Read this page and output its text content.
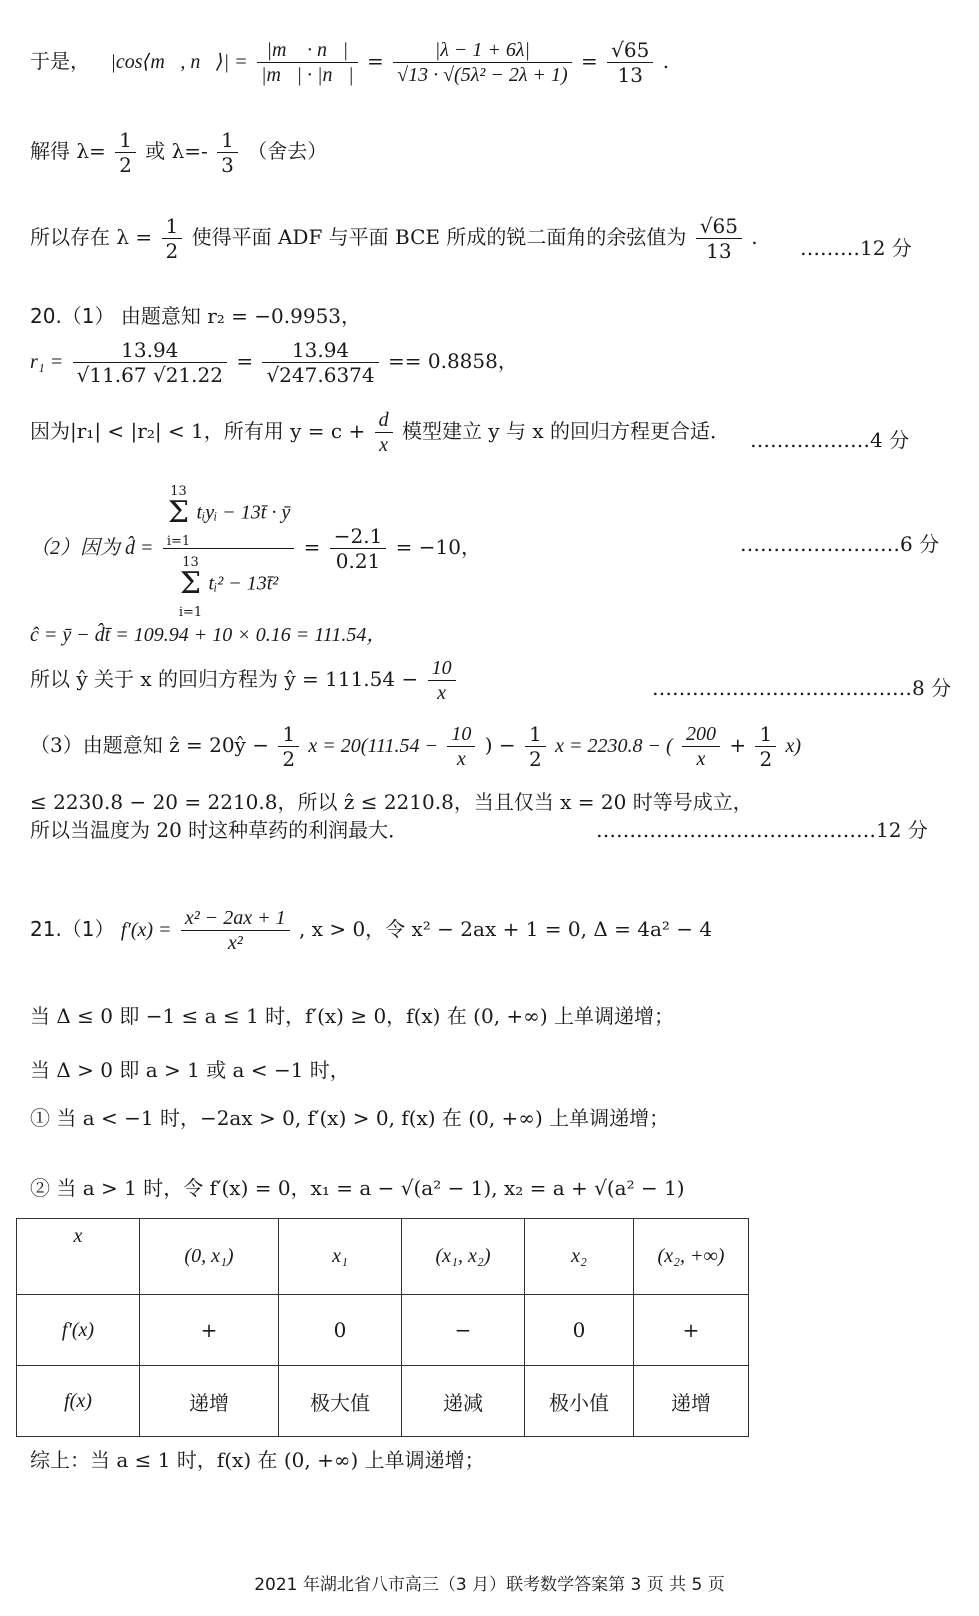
于是， |cos⟨m⃗, n⃗⟩| = $\frac{|m⃗ \cdot n⃗|}{|m⃗| \cdot |n⃗|} = \frac{|\lambda - 1 + 6\lambda|}{\text{√13 · √(5λ² − 2λ + 1)}} = \frac{√65}{13}$ .
解得 $\lambda= \frac{1}{2}$ 或 $\lambda=- \frac{1}{3}$ （舍去）
所以存在 $\lambda = \frac{1}{2}$ 使得平面 ADF 与平面 BCE 所成的锐二面角的余弦值为 $\frac{√65}{13}$ . ………12 分
20.（1） 由题意知 r₂ = −0.9953，
$r_1 = \frac{13.94}{√11.67 √21.22} = \frac{13.94}{√247.6374} == 0.8858$，
因为|r₁| < |r₂| < 1，所有用 $y = c + \frac{d}{x}$ 模型建立 y 与 x 的回归方程更合适． ………………4 分
（2）因为 d̂ = 13
Σ
i=1 tᵢyᵢ − 13t̄ · ȳ
13
Σ
i=1 tᵢ² − 13t̄² = $\frac{-2.1}{0.21} = -10$，	……………………6 分
ĉ = ȳ − d̂t̄ = 109.94 + 10 × 0.16 = 111.54，
所以 ŷ 关于 x 的回归方程为 ŷ = $111.54 - \frac{10}{x}$	…………………………………8 分
（3）由题意知 ẑ = 20ŷ − $\frac{1}{2}$ $x = 20(111.54 - \frac{10}{x}$ ) − $\frac{1}{2}$ x = 2230.8 − ( $\frac{200}{x} + \frac{1}{2} x$)
≤ 2230.8 − 20 = 2210.8，所以 ẑ ≤ 2210.8，当且仅当 x = 20 时等号成立，
所以当温度为 20 时这种草药的利润最大．	……………………………………12 分
21.（1） $f'(x) = \frac{\text{x² − 2ax + 1}}{\text{x²}}$ , x > 0，令 x² − 2ax + 1 = 0, Δ = 4a² − 4
当 Δ ≤ 0 即 −1 ≤ a ≤ 1 时，f′(x) ≥ 0，f(x) 在 (0, +∞) 上单调递增；
当 Δ > 0 即 a > 1 或 a < −1 时，
① 当 a < −1 时，−2ax > 0, f′(x) > 0, f(x) 在 (0, +∞) 上单调递增；
② 当 a > 1 时，令 f′(x) = 0，x₁ = a − √(a² − 1), x₂ = a + √(a² − 1)
x	(0, x₁)	x₁	(x₁, x₂)	x₂	(x₂, +∞)
f′(x)	+	0	−	0	+
f(x)	递增	极大值	递减	极小值	递增
综上：当 a ≤ 1 时，f(x) 在 (0, +∞) 上单调递增；
2021 年湖北省八市高三（3 月）联考数学答案第 3 页 共 5 页
